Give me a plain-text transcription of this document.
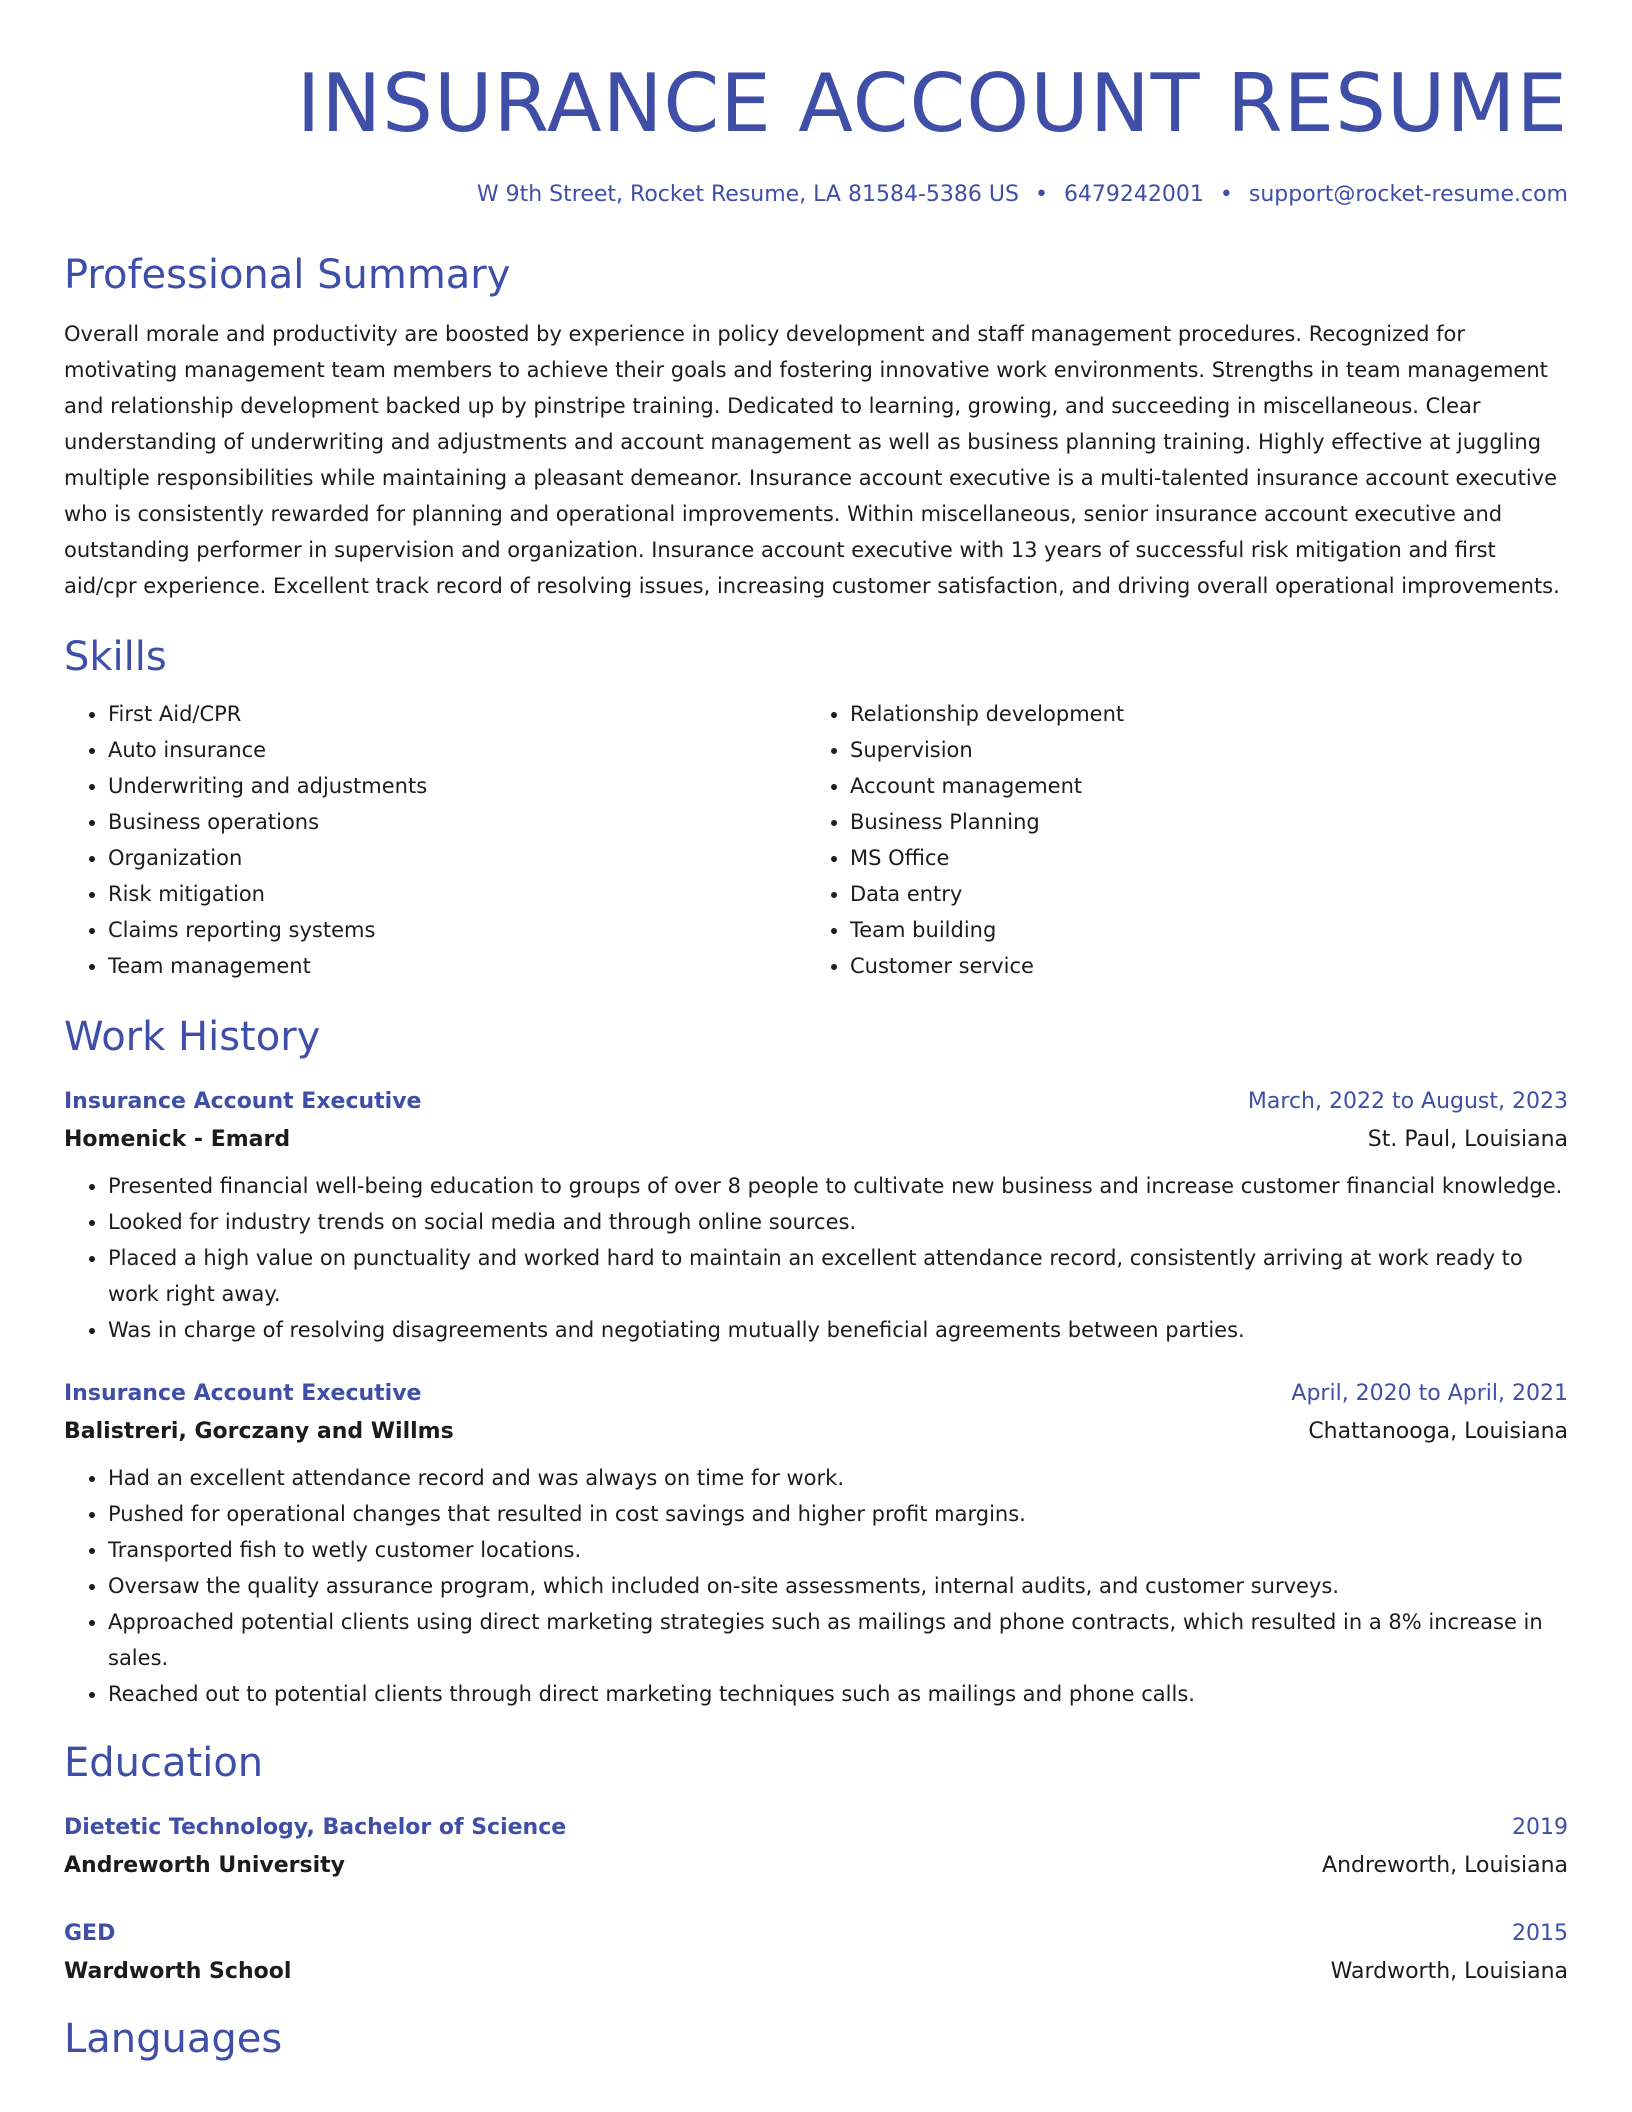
INSURANCE ACCOUNT RESUME
W 9th Street, Rocket Resume, LA 81584-5386 US • 6479242001 • support@rocket-resume.com
Professional Summary
Overall morale and productivity are boosted by experience in policy development and staff management procedures. Recognized for motivating management team members to achieve their goals and fostering innovative work environments. Strengths in team management and relationship development backed up by pinstripe training. Dedicated to learning, growing, and succeeding in miscellaneous. Clear understanding of underwriting and adjustments and account management as well as business planning training. Highly effective at juggling multiple responsibilities while maintaining a pleasant demeanor. Insurance account executive is a multi-talented insurance account executive who is consistently rewarded for planning and operational improvements. Within miscellaneous, senior insurance account executive and outstanding performer in supervision and organization. Insurance account executive with 13 years of successful risk mitigation and first aid/cpr experience. Excellent track record of resolving issues, increasing customer satisfaction, and driving overall operational improvements.
Skills
• First Aid/CPR
• Auto insurance
• Underwriting and adjustments
• Business operations
• Organization
• Risk mitigation
• Claims reporting systems
• Team management
• Relationship development
• Supervision
• Account management
• Business Planning
• MS Office
• Data entry
• Team building
• Customer service
Work History
Insurance Account Executive	March, 2022 to August, 2023
Homenick - Emard	St. Paul, Louisiana
• Presented financial well-being education to groups of over 8 people to cultivate new business and increase customer financial knowledge.
• Looked for industry trends on social media and through online sources.
• Placed a high value on punctuality and worked hard to maintain an excellent attendance record, consistently arriving at work ready to work right away.
• Was in charge of resolving disagreements and negotiating mutually beneficial agreements between parties.
Insurance Account Executive	April, 2020 to April, 2021
Balistreri, Gorczany and Willms	Chattanooga, Louisiana
• Had an excellent attendance record and was always on time for work.
• Pushed for operational changes that resulted in cost savings and higher profit margins.
• Transported fish to wetly customer locations.
• Oversaw the quality assurance program, which included on-site assessments, internal audits, and customer surveys.
• Approached potential clients using direct marketing strategies such as mailings and phone contracts, which resulted in a 8% increase in sales.
• Reached out to potential clients through direct marketing techniques such as mailings and phone calls.
Education
Dietetic Technology, Bachelor of Science	2019
Andreworth University	Andreworth, Louisiana
GED	2015
Wardworth School	Wardworth, Louisiana
Languages
